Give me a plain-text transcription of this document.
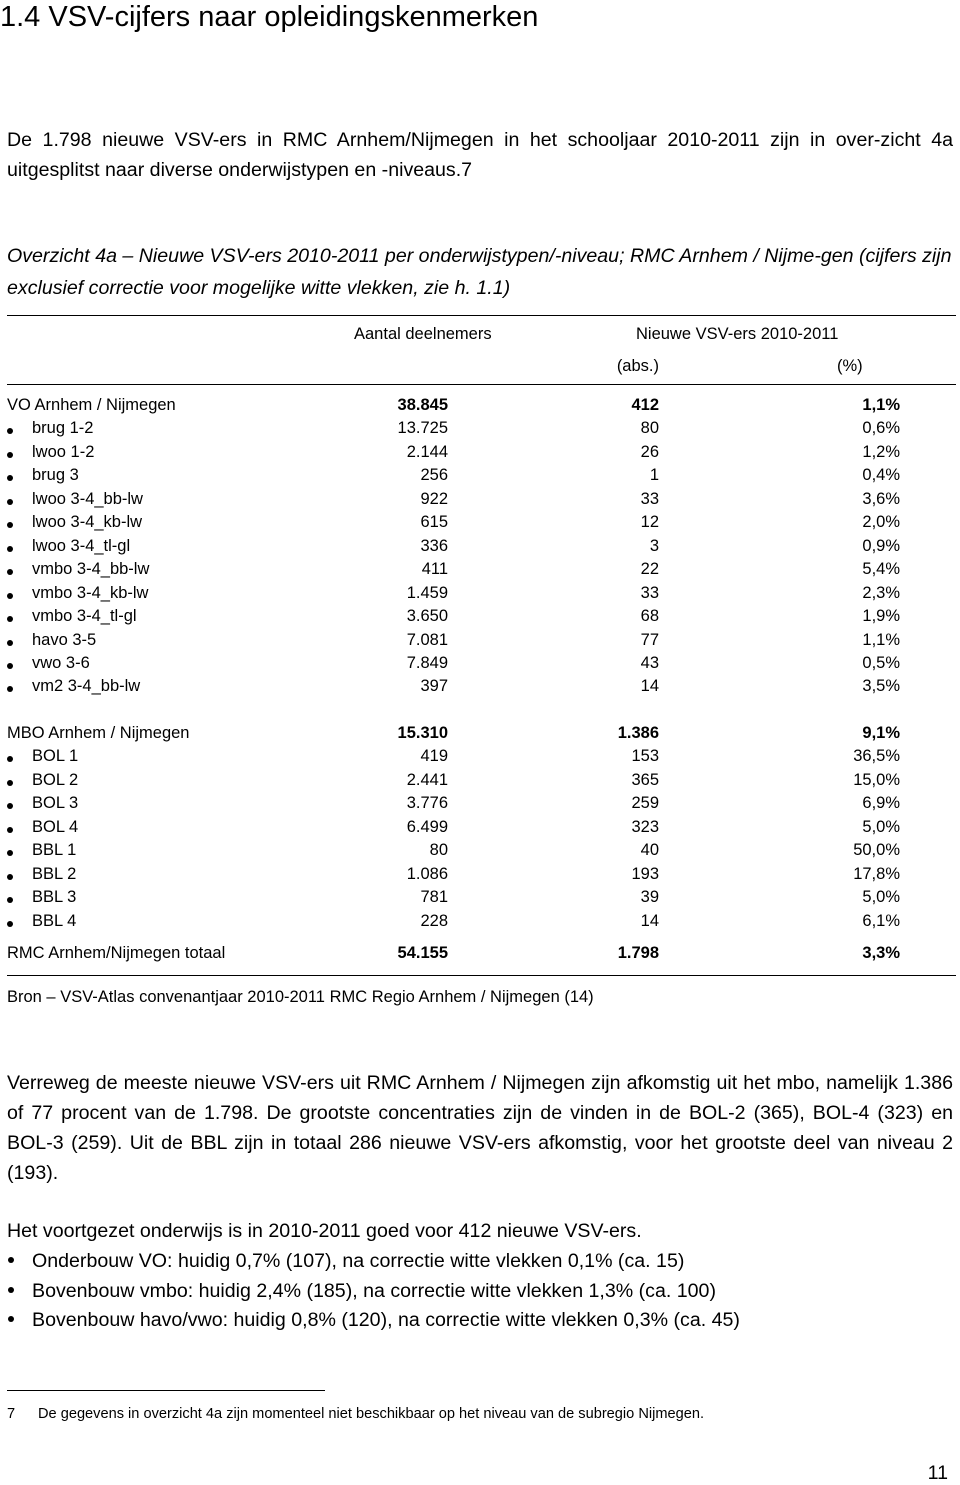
1.4 VSV-cijfers naar opleidingskenmerken
De 1.798 nieuwe VSV-ers in RMC Arnhem/Nijmegen in het schooljaar 2010-2011 zijn in over-zicht 4a uitgesplitst naar diverse onderwijstypen en -niveaus.7
Overzicht 4a – Nieuwe VSV-ers 2010-2011 per onderwijstypen/-niveau; RMC Arnhem / Nijme-gen (cijfers zijn exclusief correctie voor mogelijke witte vlekken, zie h. 1.1)
Aantal deelnemers	Nieuwe VSV-ers 2010-2011
(abs.)	(%)
VO Arnhem / Nijmegen	38.845	412	1,1%
brug 1-2	13.725	80	0,6%
lwoo 1-2	2.144	26	1,2%
brug 3	256	1	0,4%
lwoo 3-4_bb-lw	922	33	3,6%
lwoo 3-4_kb-lw	615	12	2,0%
lwoo 3-4_tl-gl	336	3	0,9%
vmbo 3-4_bb-lw	411	22	5,4%
vmbo 3-4_kb-lw	1.459	33	2,3%
vmbo 3-4_tl-gl	3.650	68	1,9%
havo 3-5	7.081	77	1,1%
vwo 3-6	7.849	43	0,5%
vm2 3-4_bb-lw	397	14	3,5%
MBO Arnhem / Nijmegen	15.310	1.386	9,1%
BOL 1	419	153	36,5%
BOL 2	2.441	365	15,0%
BOL 3	3.776	259	6,9%
BOL 4	6.499	323	5,0%
BBL 1	80	40	50,0%
BBL 2	1.086	193	17,8%
BBL 3	781	39	5,0%
BBL 4	228	14	6,1%
RMC Arnhem/Nijmegen totaal	54.155	1.798	3,3%
Bron – VSV-Atlas convenantjaar 2010-2011 RMC Regio Arnhem / Nijmegen (14)
Verreweg de meeste nieuwe VSV-ers uit RMC Arnhem / Nijmegen zijn afkomstig uit het mbo, namelijk 1.386 of 77 procent van de 1.798. De grootste concentraties zijn de vinden in de BOL-2 (365), BOL-4 (323) en BOL-3 (259). Uit de BBL zijn in totaal 286 nieuwe VSV-ers afkomstig, voor het grootste deel van niveau 2 (193).
Het voortgezet onderwijs is in 2010-2011 goed voor 412 nieuwe VSV-ers.
Onderbouw VO: huidig 0,7% (107), na correctie witte vlekken 0,1% (ca. 15)
Bovenbouw vmbo: huidig 2,4% (185), na correctie witte vlekken 1,3% (ca. 100)
Bovenbouw havo/vwo: huidig 0,8% (120), na correctie witte vlekken 0,3% (ca. 45)
7 De gegevens in overzicht 4a zijn momenteel niet beschikbaar op het niveau van de subregio Nijmegen.
11
